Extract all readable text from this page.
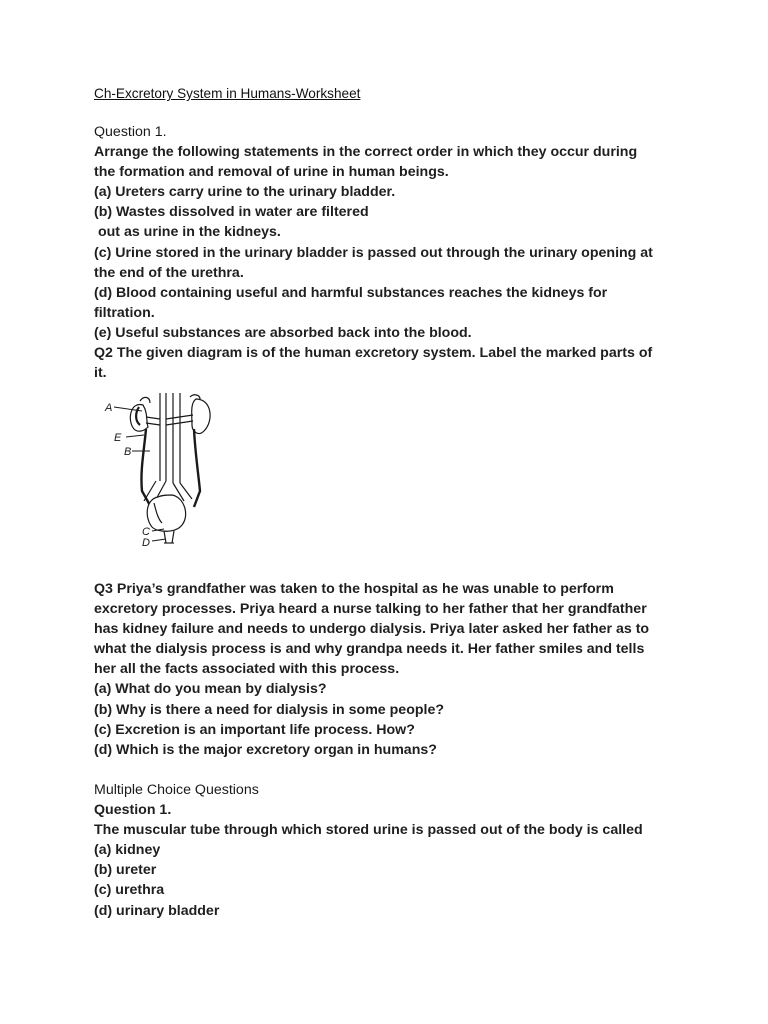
Ch-Excretory System in Humans-Worksheet
Question 1.
Arrange the following statements in the correct order in which they occur during
the formation and removal of urine in human beings.
(a) Ureters carry urine to the urinary bladder.
(b) Wastes dissolved in water are filtered
out as urine in the kidneys.
(c) Urine stored in the urinary bladder is passed out through the urinary opening at
the end of the urethra.
(d) Blood containing useful and harmful substances reaches the kidneys for
filtration.
(e) Useful substances are absorbed back into the blood.
Q2 The given diagram is of the human excretory system. Label the marked parts of
it.
A
E
B
C
D
Q3 Priya’s grandfather was taken to the hospital as he was unable to perform
excretory processes. Priya heard a nurse talking to her father that her grandfather
has kidney failure and needs to undergo dialysis. Priya later asked her father as to
what the dialysis process is and why grandpa needs it. Her father smiles and tells
her all the facts associated with this process.
(a) What do you mean by dialysis?
(b) Why is there a need for dialysis in some people?
(c) Excretion is an important life process. How?
(d) Which is the major excretory organ in humans?
Multiple Choice Questions
Question 1.
The muscular tube through which stored urine is passed out of the body is called
(a) kidney
(b) ureter
(c) urethra
(d) urinary bladder
